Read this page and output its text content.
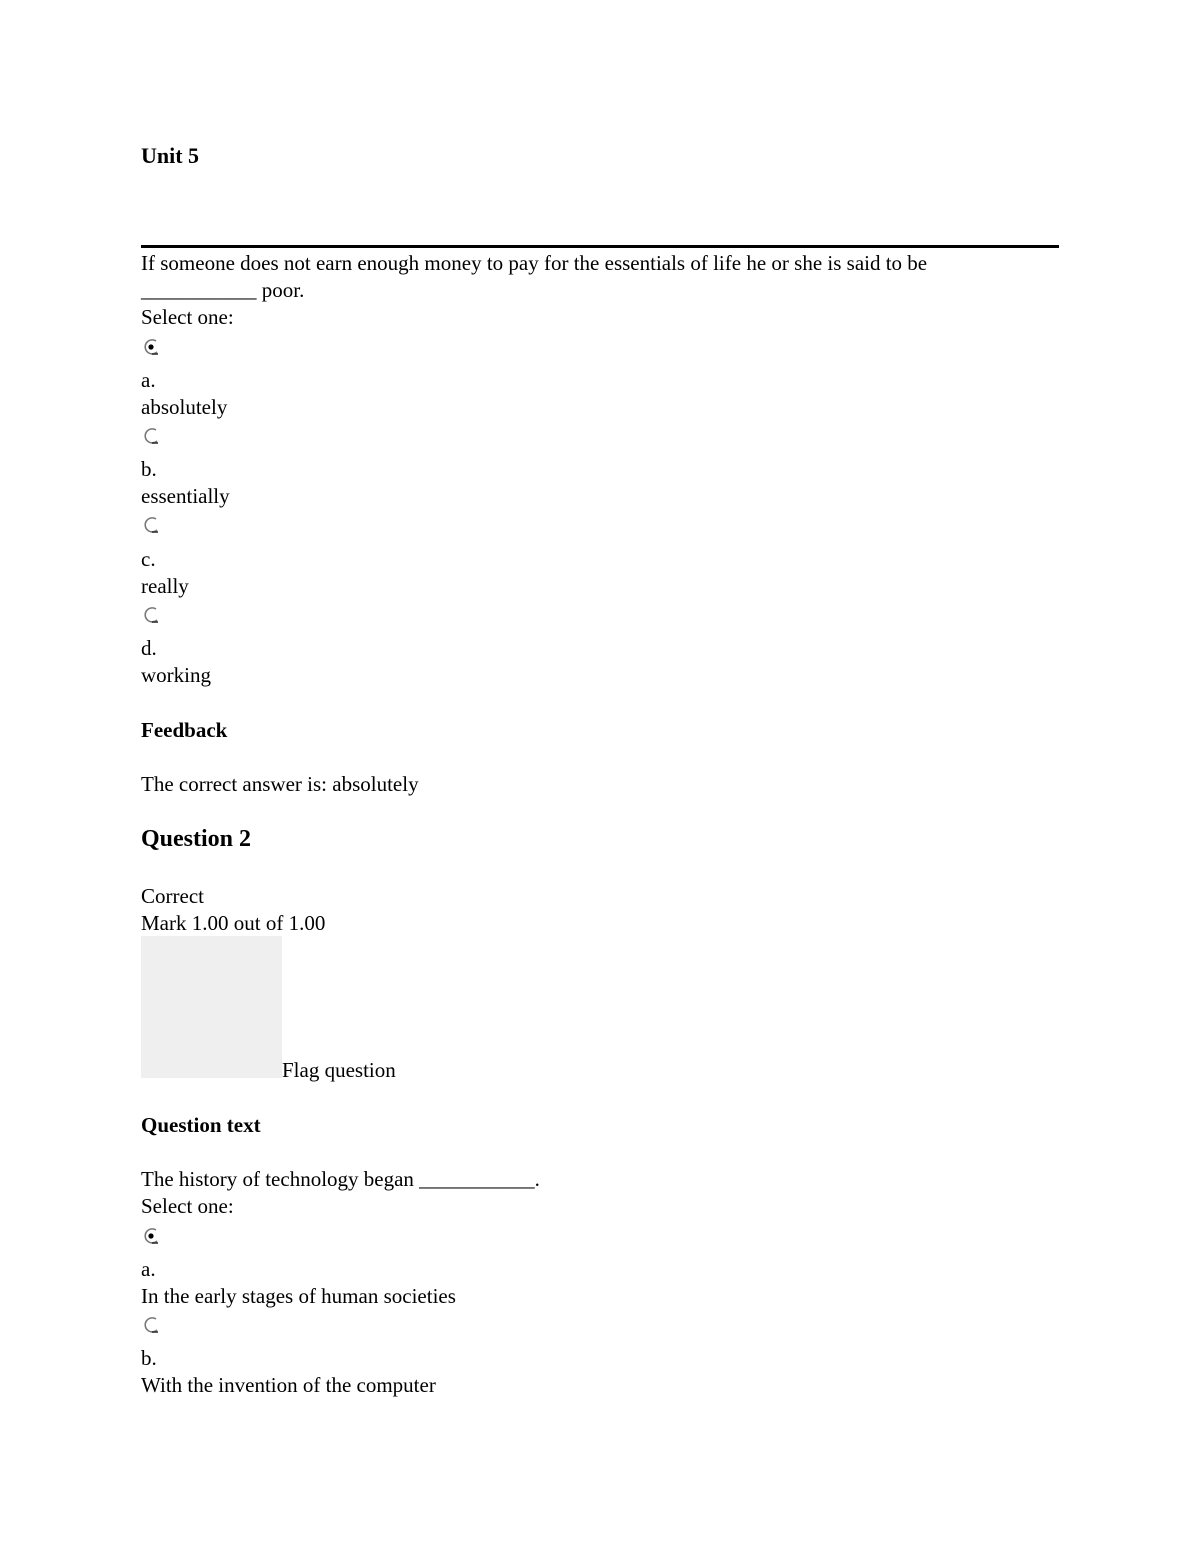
Unit 5
If someone does not earn enough money to pay for the essentials of life he or she is said to be
___________ poor.
Select one:
a.
absolutely
b.
essentially
c.
really
d.
working
Feedback
The correct answer is: absolutely
Question 2
Correct
Mark 1.00 out of 1.00
Flag question
Question text
The history of technology began ___________.
Select one:
a.
In the early stages of human societies
b.
With the invention of the computer
